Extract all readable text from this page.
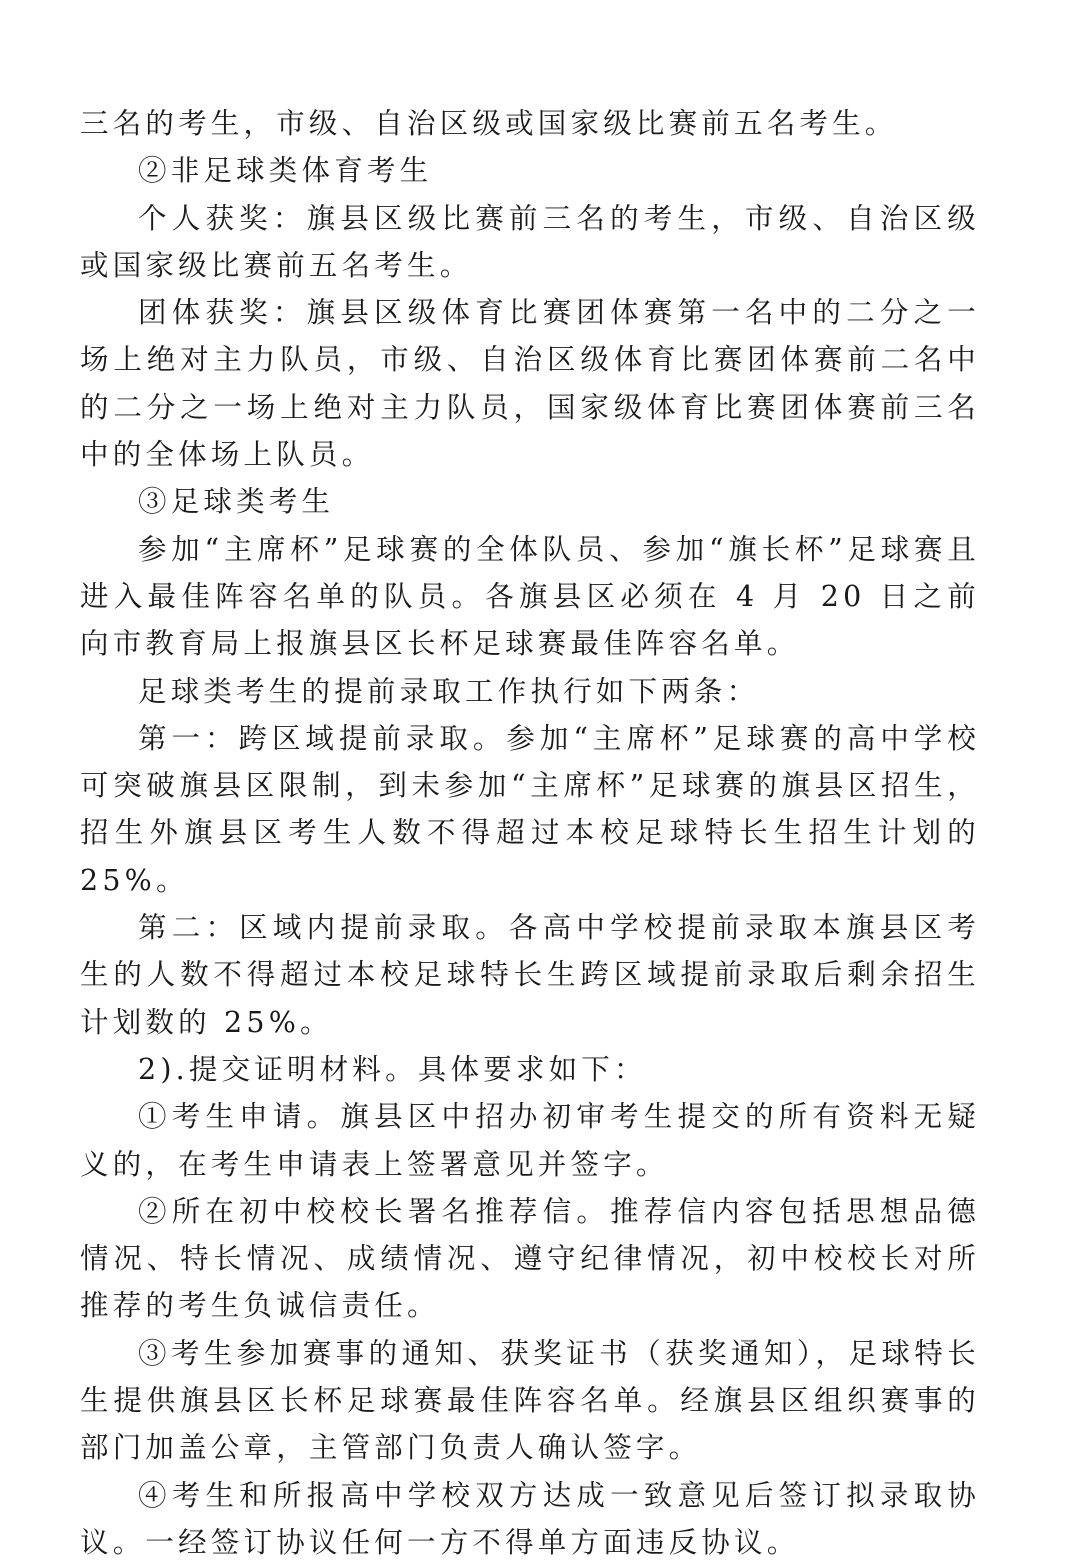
三名的考生，市级、自治区级或国家级比赛前五名考生。

②非足球类体育考生

个人获奖：旗县区级比赛前三名的考生，市级、自治区级或国家级比赛前五名考生。

团体获奖：旗县区级体育比赛团体赛第一名中的二分之一场上绝对主力队员，市级、自治区级体育比赛团体赛前二名中的二分之一场上绝对主力队员，国家级体育比赛团体赛前三名中的全体场上队员。

③足球类考生

参加“主席杯”足球赛的全体队员、参加“旗长杯”足球赛且进入最佳阵容名单的队员。各旗县区必须在 4 月 20 日之前向市教育局上报旗县区长杯足球赛最佳阵容名单。

足球类考生的提前录取工作执行如下两条：

第一：跨区域提前录取。参加“主席杯”足球赛的高中学校可突破旗县区限制，到未参加“主席杯”足球赛的旗县区招生，招生外旗县区考生人数不得超过本校足球特长生招生计划的 25%。

第二：区域内提前录取。各高中学校提前录取本旗县区考生的人数不得超过本校足球特长生跨区域提前录取后剩余招生计划数的 25%。

2).提交证明材料。具体要求如下：

①考生申请。旗县区中招办初审考生提交的所有资料无疑义的，在考生申请表上签署意见并签字。

②所在初中校校长署名推荐信。推荐信内容包括思想品德情况、特长情况、成绩情况、遵守纪律情况，初中校校长对所推荐的考生负诚信责任。

③考生参加赛事的通知、获奖证书（获奖通知），足球特长生提供旗县区长杯足球赛最佳阵容名单。经旗县区组织赛事的部门加盖公章，主管部门负责人确认签字。

④考生和所报高中学校双方达成一致意见后签订拟录取协议。一经签订协议任何一方不得单方面违反协议。
